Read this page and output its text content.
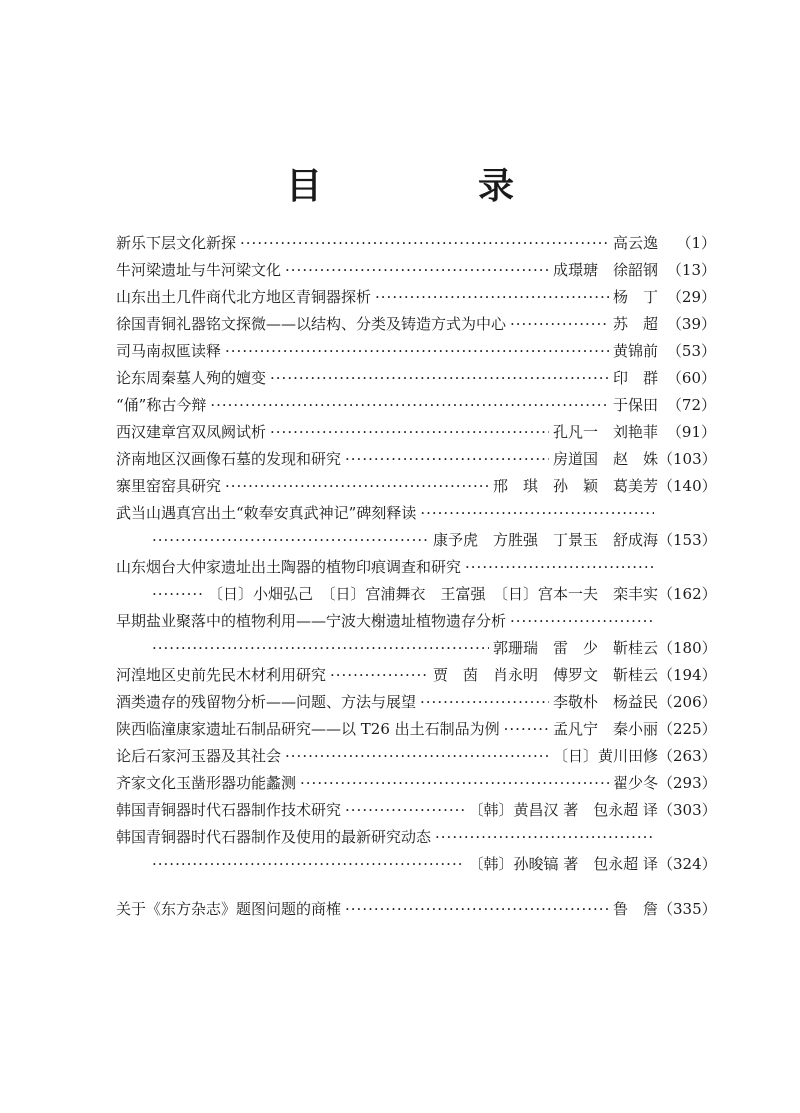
目　录
新乐下层文化新探 ·····	高云逸	（1）
牛河梁遗址与牛河梁文化 ·····	成璟瑭　徐韶钢 （13）
山东出土几件商代北方地区青铜器探析 ·····	杨　丁 （29）
徐国青铜礼器铭文探微——以结构、分类及铸造方式为中心 ·····	苏　超 （39）
司马南叔匜读释 ·····	黄锦前 （53）
论东周秦墓人殉的嬗变 ·····	印　群 （60）
“俑”称古今辩 ·····	于保田 （72）
西汉建章宫双凤阙试析 ·····	孔凡一　刘艳菲 （91）
济南地区汉画像石墓的发现和研究 ·····	房道国　赵　姝 （103）
寨里窑窑具研究 ·····	邢　琪　孙　颖　葛美芳 （140）
武当山遇真宫出土“敕奉安真武神记”碑刻释读
·····
·····
康予虎　方胜强　丁景玉　舒成海 （153）
山东烟台大仲家遗址出土陶器的植物印痕调查和研究
·····
·····
〔日〕小畑弘己　〔日〕宫浦舞衣　王富强　〔日〕宫本一夫　栾丰实 （162）
早期盐业聚落中的植物利用——宁波大榭遗址植物遗存分析
·····
·····
郭珊瑞　雷　少　靳桂云 （180）
河湟地区史前先民木材利用研究 ·····	贾　茵　肖永明　傅罗文　靳桂云 （194）
酒类遗存的残留物分析——问题、方法与展望 ·····	李敬朴　杨益民 （206）
陕西临潼康家遗址石制品研究——以 T26 出土石制品为例 ·····	孟凡宁　秦小丽 （225）
论后石家河玉器及其社会 ·····	〔日〕黄川田修 （263）
齐家文化玉凿形器功能蠡测 ·····	翟少冬 （293）
韩国青铜器时代石器制作技术研究 ·····	〔韩〕黄昌汉 著　包永超 译 （303）
韩国青铜器时代石器制作及使用的最新研究动态
·····
·····
〔韩〕孙晙镐 著　包永超 译 （324）
关于《东方杂志》题图问题的商榷 ·····	鲁　詹 （335）
